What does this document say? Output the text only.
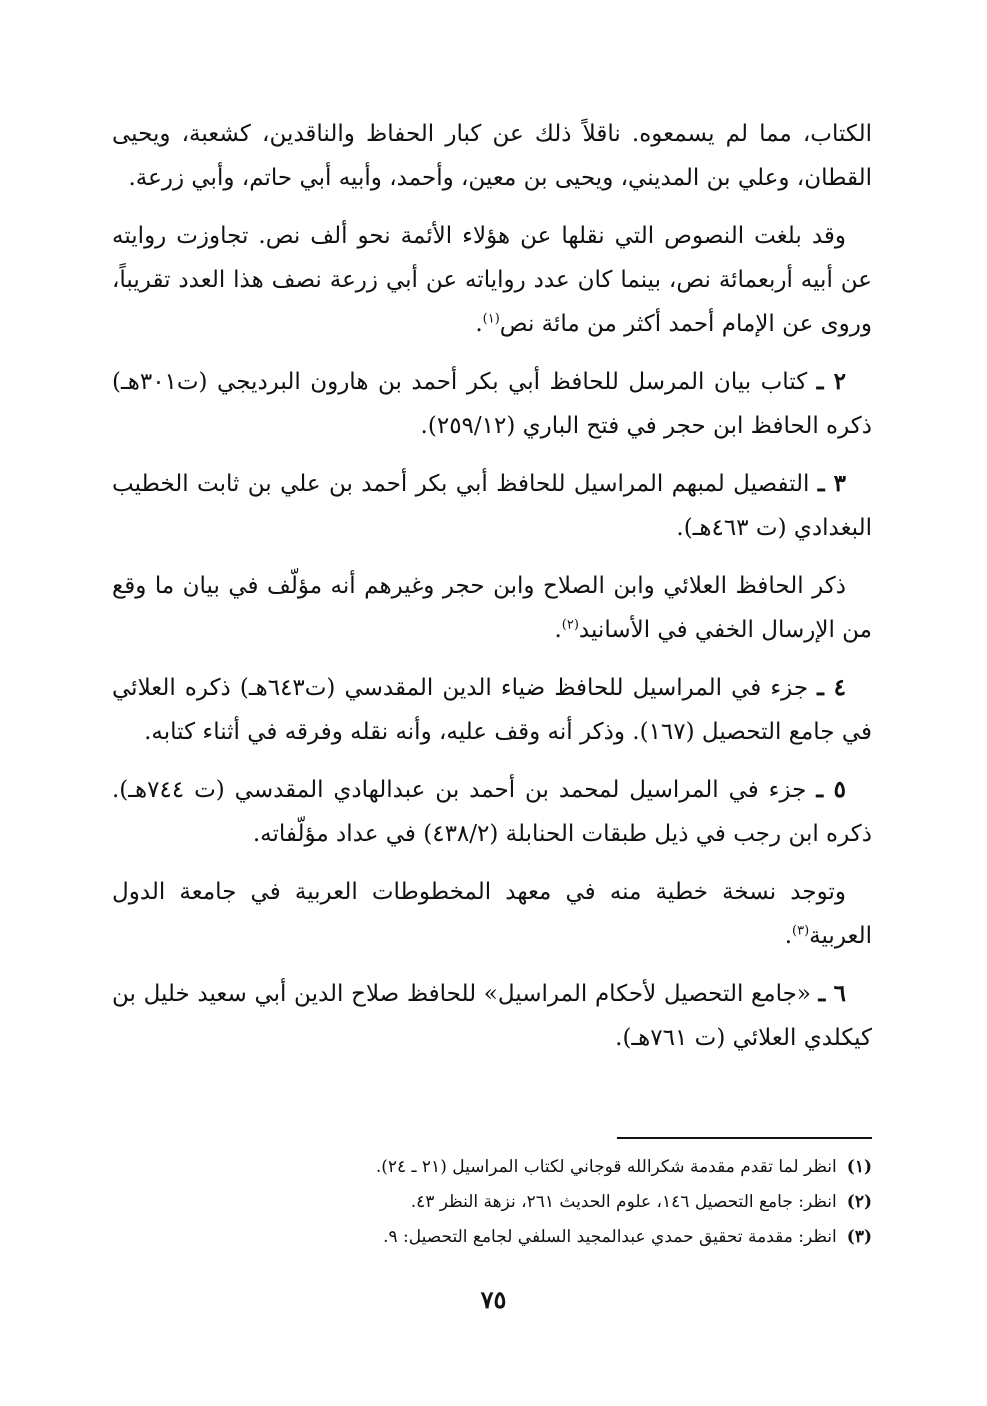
الكتاب، مما لم يسمعوه. ناقلاً ذلك عن كبار الحفاظ والناقدين، كشعبة، ويحيى القطان، وعلي بن المديني، ويحيى بن معين، وأحمد، وأبيه أبي حاتم، وأبي زرعة.

وقد بلغت النصوص التي نقلها عن هؤلاء الأئمة نحو ألف نص. تجاوزت روايته عن أبيه أربعمائة نص، بينما كان عدد رواياته عن أبي زرعة نصف هذا العدد تقريباً، وروى عن الإمام أحمد أكثر من مائة نص$^{(١)}$.

٢ ـ كتاب بيان المرسل للحافظ أبي بكر أحمد بن هارون البرديجي (ت٣٠١هـ) ذكره الحافظ ابن حجر في فتح الباري (٢٥٩/١٢).

٣ ـ التفصيل لمبهم المراسيل للحافظ أبي بكر أحمد بن علي بن ثابت الخطيب البغدادي (ت ٤٦٣هـ).

ذكر الحافظ العلائي وابن الصلاح وابن حجر وغيرهم أنه مؤلّف في بيان ما وقع من الإرسال الخفي في الأسانيد$^{(٢)}$.

٤ ـ جزء في المراسيل للحافظ ضياء الدين المقدسي (ت٦٤٣هـ) ذكره العلائي في جامع التحصيل (١٦٧). وذكر أنه وقف عليه، وأنه نقله وفرقه في أثناء كتابه.

٥ ـ جزء في المراسيل لمحمد بن أحمد بن عبدالهادي المقدسي (ت ٧٤٤هـ). ذكره ابن رجب في ذيل طبقات الحنابلة (٤٣٨/٢) في عداد مؤلّفاته.

وتوجد نسخة خطية منه في معهد المخطوطات العربية في جامعة الدول العربية$^{(٣)}$.

٦ ـ «جامع التحصيل لأحكام المراسيل» للحافظ صلاح الدين أبي سعيد خليل بن كيكلدي العلائي (ت ٧٦١هـ).

(١)انظر لما تقدم مقدمة شكرالله قوجاني لكتاب المراسيل (٢١ ـ ٢٤).
(٢)انظر: جامع التحصيل ١٤٦، علوم الحديث ٢٦١، نزهة النظر ٤٣.
(٣)انظر: مقدمة تحقيق حمدي عبدالمجيد السلفي لجامع التحصيل: ٩.
٧٥
